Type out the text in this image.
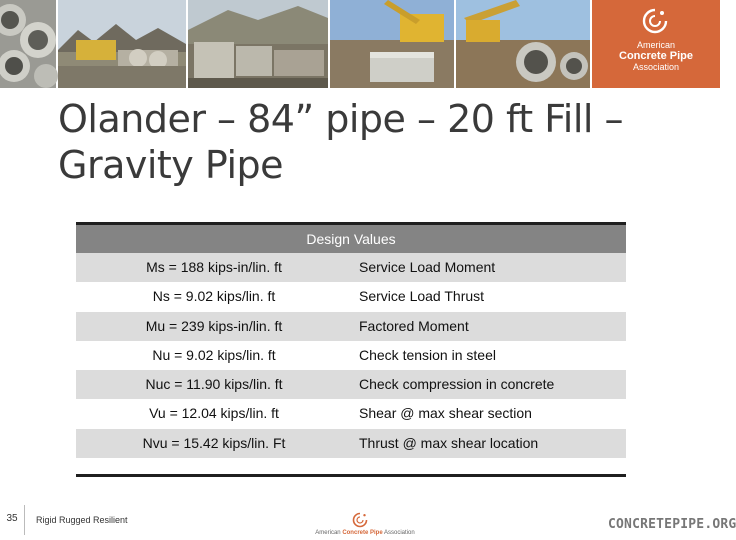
American
Concrete Pipe
Association
Olander – 84” pipe – 20 ft Fill – Gravity Pipe
Design Values
Ms = 188 kips-in/lin. ft	Service Load Moment
Ns = 9.02 kips/lin. ft	Service Load Thrust
Mu = 239 kips-in/lin. ft	Factored Moment
Nu = 9.02 kips/lin. ft	Check tension in steel
Nuc = 11.90 kips/lin. ft	Check compression in concrete
Vu = 12.04 kips/lin. ft	Shear @ max shear section
Nvu = 15.42 kips/lin. Ft	Thrust @ max shear location
35	Rigid Rugged Resilient
American Concrete Pipe Association
CONCRETEPIPE.ORG
